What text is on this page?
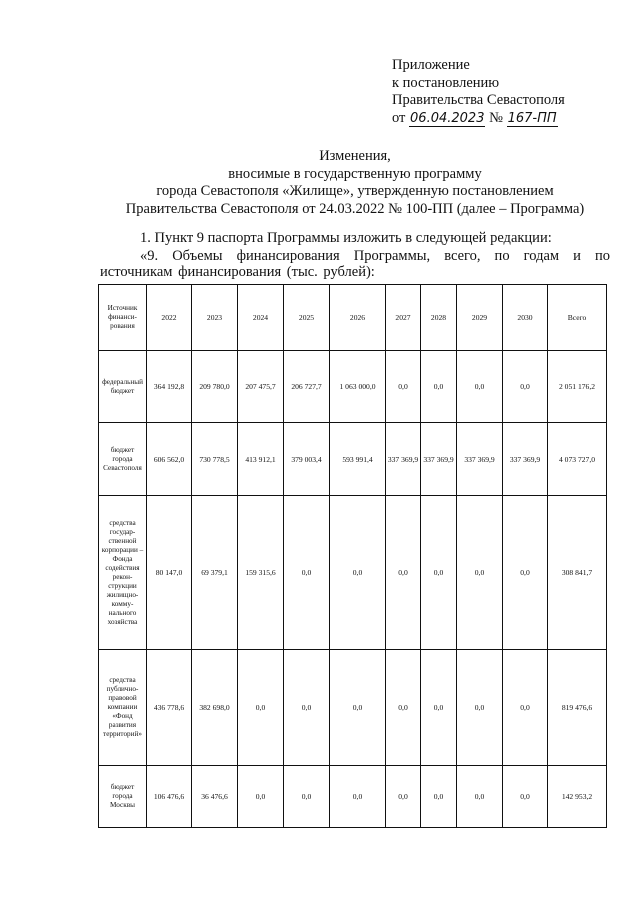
Приложение
к постановлению
Правительства Севастополя
от 06.04.2023 № 167-ПП
Изменения,
вносимые в государственную программу
города Севастополя «Жилище», утвержденную постановлением
Правительства Севастополя от 24.03.2022 № 100-ПП (далее – Программа)
1. Пункт 9 паспорта Программы изложить в следующей редакции:
«9. Объемы финансирования Программы, всего, по годам и по источникам финансирования (тыс. рублей):
Источник финансирования	2022	2023	2024	2025	2026	2027	2028	2029	2030	Всего
федеральный бюджет	364 192,8	209 780,0	207 475,7	206 727,7	1 063 000,0	0,0	0,0	0,0	0,0	2 051 176,2
бюджет города Севастополя	606 562,0	730 778,5	413 912,1	379 003,4	593 991,4	337 369,9	337 369,9	337 369,9	337 369,9	4 073 727,0
средства государственной корпорации – Фонда содействия реконструкции жилищно-коммунального хозяйства	80 147,0	69 379,1	159 315,6	0,0	0,0	0,0	0,0	0,0	0,0	308 841,7
средства публично-правовой компании «Фонд развития территорий»	436 778,6	382 698,0	0,0	0,0	0,0	0,0	0,0	0,0	0,0	819 476,6
бюджет города Москвы	106 476,6	36 476,6	0,0	0,0	0,0	0,0	0,0	0,0	0,0	142 953,2
